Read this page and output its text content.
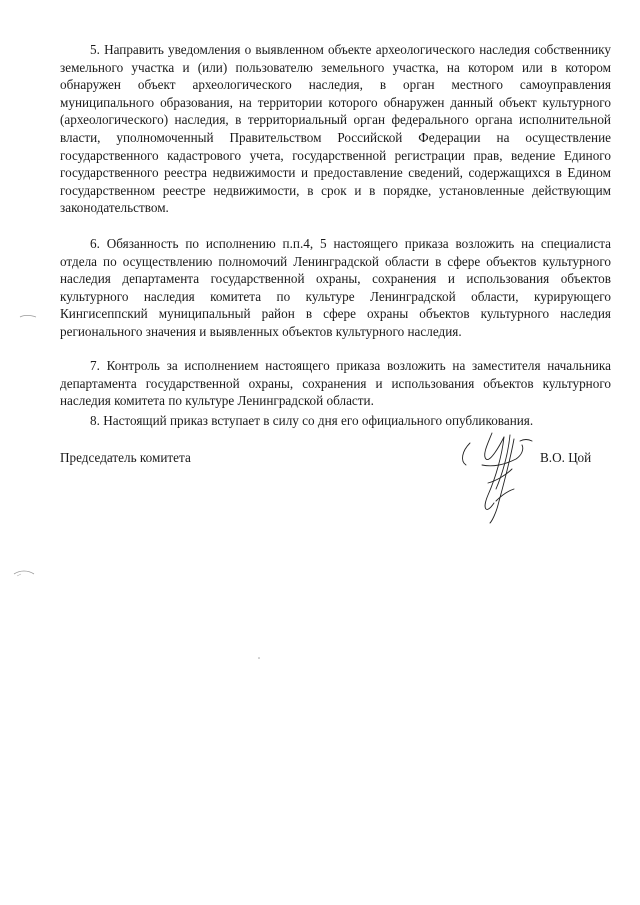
5. Направить уведомления о выявленном объекте археологического наследия собственнику земельного участка и (или) пользователю земельного участка, на котором или в котором обнаружен объект археологического наследия, в орган местного самоуправления муниципального образования, на территории которого обнаружен данный объект культурного (археологического) наследия, в территориальный орган федерального органа исполнительной власти, уполномоченный Правительством Российской Федерации на осуществление государственного кадастрового учета, государственной регистрации прав, ведение Единого государственного реестра недвижимости и предоставление сведений, содержащихся в Едином государственном реестре недвижимости, в срок и в порядке, установленные действующим законодательством.

6. Обязанность по исполнению п.п.4, 5 настоящего приказа возложить на специалиста отдела по осуществлению полномочий Ленинградской области в сфере объектов культурного наследия департамента государственной охраны, сохранения и использования объектов культурного наследия комитета по культуре Ленинградской области, курирующего Кингисеппский муниципальный район в сфере охраны объектов культурного наследия регионального значения и выявленных объектов культурного наследия.

7. Контроль за исполнением настоящего приказа возложить на заместителя начальника департамента государственной охраны, сохранения и использования объектов культурного наследия комитета по культуре Ленинградской области.

8. Настоящий приказ вступает в силу со дня его официального опубликования.

Председатель комитета	В.О. Цой
